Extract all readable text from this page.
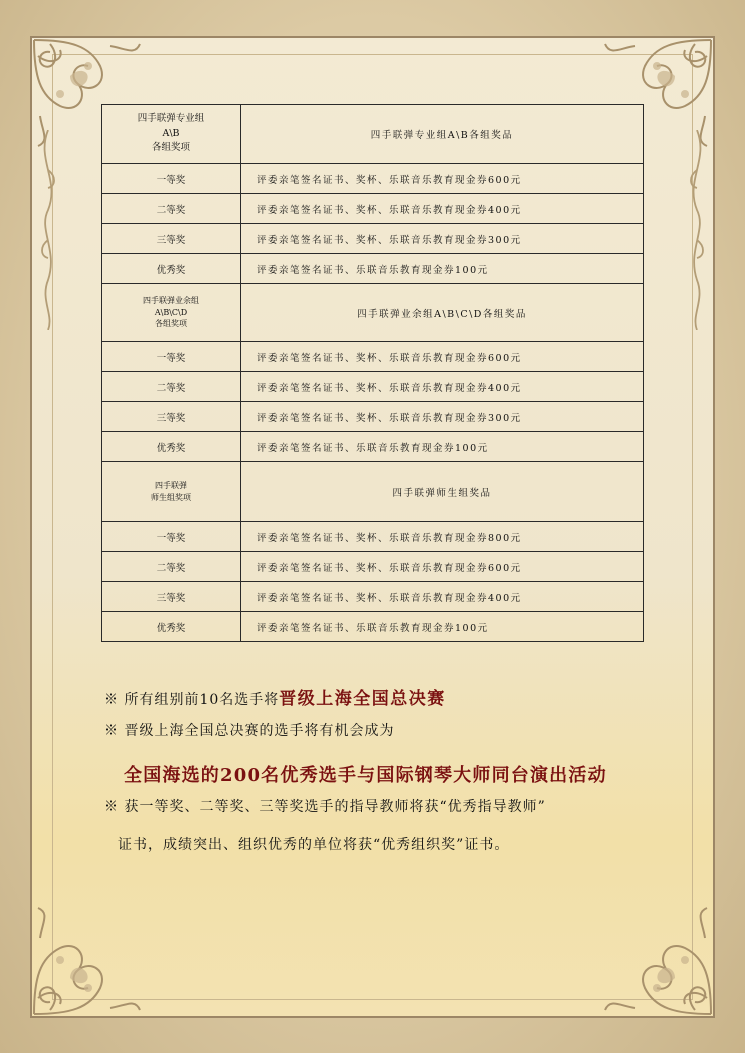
四手联弹专业组
A\B
各组奖项	四手联弹专业组A\B各组奖品
一等奖	评委亲笔签名证书、奖杯、乐联音乐教育现金券600元
二等奖	评委亲笔签名证书、奖杯、乐联音乐教育现金券400元
三等奖	评委亲笔签名证书、奖杯、乐联音乐教育现金券300元
优秀奖	评委亲笔签名证书、乐联音乐教育现金券100元

四手联弹业余组
A\B\C\D
各组奖项	四手联弹业余组A\B\C\D各组奖品
一等奖	评委亲笔签名证书、奖杯、乐联音乐教育现金券600元
二等奖	评委亲笔签名证书、奖杯、乐联音乐教育现金券400元
三等奖	评委亲笔签名证书、奖杯、乐联音乐教育现金券300元
优秀奖	评委亲笔签名证书、乐联音乐教育现金券100元

四手联弹
师生组奖项	四手联弹师生组奖品
一等奖	评委亲笔签名证书、奖杯、乐联音乐教育现金券800元
二等奖	评委亲笔签名证书、奖杯、乐联音乐教育现金券600元
三等奖	评委亲笔签名证书、奖杯、乐联音乐教育现金券400元
优秀奖	评委亲笔签名证书、乐联音乐教育现金券100元
※ 所有组别前10名选手将晋级上海全国总决赛
※ 晋级上海全国总决赛的选手将有机会成为
全国海选的200名优秀选手与国际钢琴大师同台演出活动
※ 获一等奖、二等奖、三等奖选手的指导教师将获“优秀指导教师”
证书，成绩突出、组织优秀的单位将获“优秀组织奖”证书。
